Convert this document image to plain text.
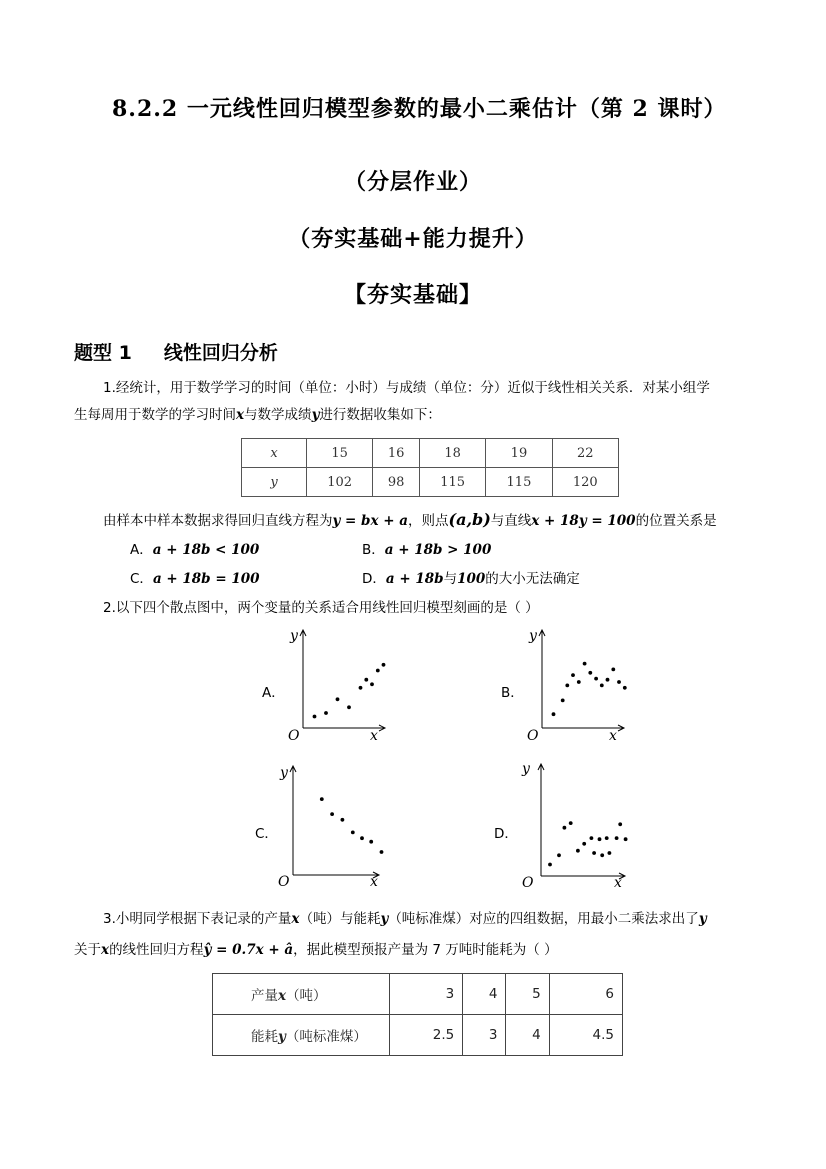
8.2.2 一元线性回归模型参数的最小二乘估计（第 2 课时）
（分层作业）
（夯实基础+能力提升）
【夯实基础】
题型 1 线性回归分析
1.经统计，用于数学学习的时间（单位：小时）与成绩（单位：分）近似于线性相关关系．对某小组学
生每周用于数学的学习时间x与数学成绩y进行数据收集如下：
x	15	16	18	19	22
y	102	98	115	115	120
由样本中样本数据求得回归直线方程为y = bx + a，则点(a,b)与直线x + 18y = 100的位置关系是
A．a + 18b < 100	B．a + 18b > 100
C．a + 18b = 100	D．a + 18b与100的大小无法确定
2.以下四个散点图中，两个变量的关系适合用线性回归模型刻画的是（ ）
A．	B．
C．	D．
x
y
O	x
y
O
x
y
O	x
y
O
3.小明同学根据下表记录的产量x（吨）与能耗y（吨标准煤）对应的四组数据，用最小二乘法求出了y
关于x的线性回归方程ŷ = 0.7x + â，据此模型预报产量为 7 万吨时能耗为（ ）
产量x（吨）	3	4	5	6
能耗y（吨标准煤）	2.5	3	4	4.5
